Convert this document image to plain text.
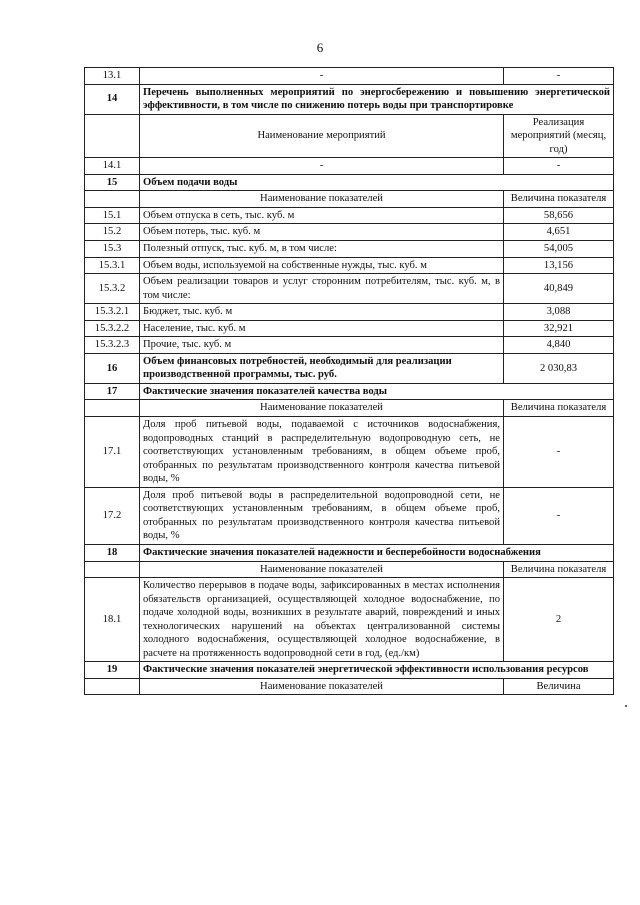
6
13.1	-	-
14	Перечень выполненных мероприятий по энергосбережению и повышению энергетической эффективности, в том числе по снижению потерь воды при транспортировке	
	Наименование мероприятий	Реализация мероприятий (месяц, год)
14.1	-	-
15	Объем подачи воды	
	Наименование показателей	Величина показателя
15.1	Объем отпуска в сеть, тыс. куб. м	58,656
15.2	Объем потерь, тыс. куб. м	4,651
15.3	Полезный отпуск, тыс. куб. м, в том числе:	54,005
15.3.1	Объем воды, используемой на собственные нужды, тыс. куб. м	13,156
15.3.2	Объем реализации товаров и услуг сторонним потребителям, тыс. куб. м, в том числе:	40,849
15.3.2.1	Бюджет, тыс. куб. м	3,088
15.3.2.2	Население, тыс. куб. м	32,921
15.3.2.3	Прочие, тыс. куб. м	4,840
16	Объем финансовых потребностей, необходимый для реализации производственной программы, тыс. руб.	2 030,83
17	Фактические значения показателей качества воды	
	Наименование показателей	Величина показателя
17.1	Доля проб питьевой воды, подаваемой с источников водоснабжения, водопроводных станций в распределительную водопроводную сеть, не соответствующих установленным требованиям, в общем объеме проб, отобранных по результатам производственного контроля качества питьевой воды, %	-
17.2	Доля проб питьевой воды в распределительной водопроводной сети, не соответствующих установленным требованиям, в общем объеме проб, отобранных по результатам производственного контроля качества питьевой воды, %	-
18	Фактические значения показателей надежности и бесперебойности водоснабжения	
	Наименование показателей	Величина показателя
18.1	Количество перерывов в подаче воды, зафиксированных в местах исполнения обязательств организацией, осуществляющей холодное водоснабжение, по подаче холодной воды, возникших в результате аварий, повреждений и иных технологических нарушений на объектах централизованной системы холодного водоснабжения, осуществляющей холодное водоснабжение, в расчете на протяженность водопроводной сети в год, (ед./км)	2
19	Фактические значения показателей энергетической эффективности использования ресурсов	
	Наименование показателей	Величина
